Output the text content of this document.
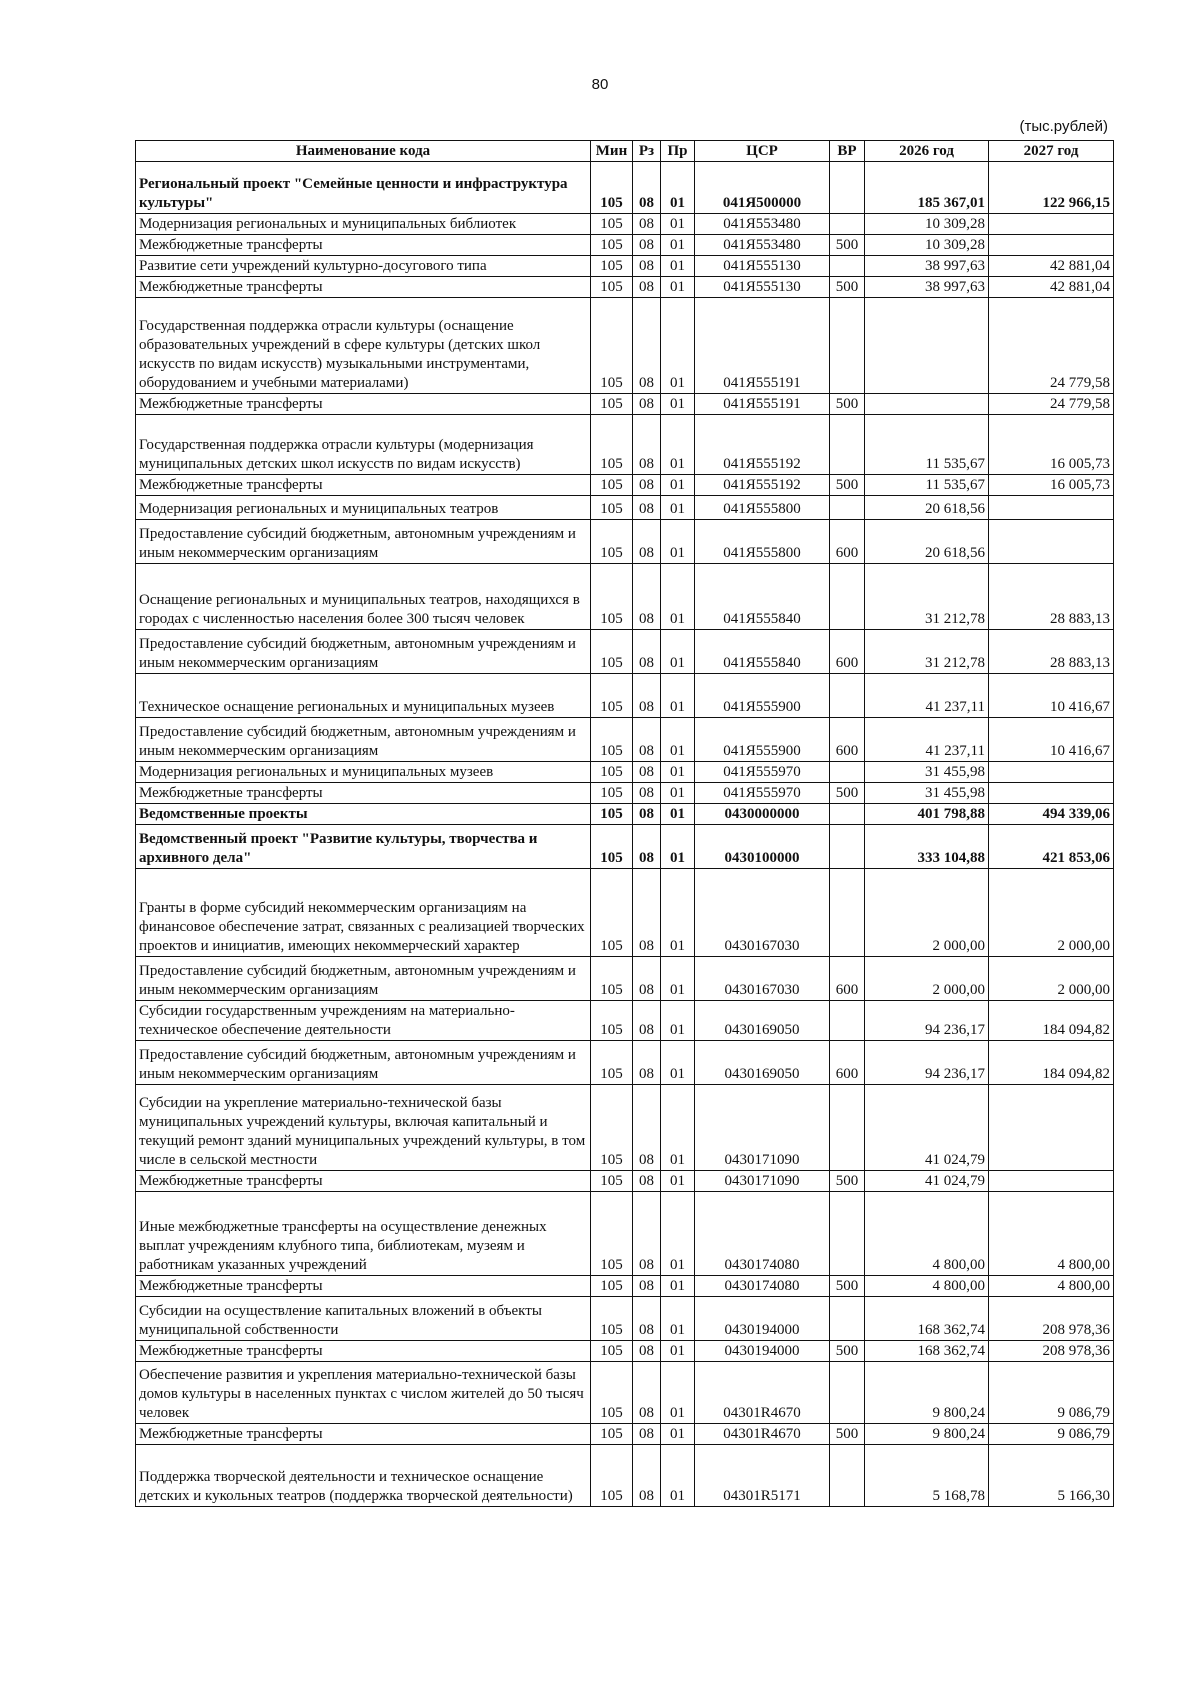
80
(тыс.рублей)
Наименование кода	Мин	Рз	Пр	ЦСР	ВР	2026 год	2027 год
Региональный проект "Семейные ценности и инфраструктура культуры"	105	08	01	041Я500000		185 367,01	122 966,15
Модернизация региональных и муниципальных библиотек	105	08	01	041Я553480		10 309,28	
Межбюджетные трансферты	105	08	01	041Я553480	500	10 309,28	
Развитие сети учреждений культурно-досугового типа	105	08	01	041Я555130		38 997,63	42 881,04
Межбюджетные трансферты	105	08	01	041Я555130	500	38 997,63	42 881,04
Государственная поддержка отрасли культуры (оснащение образовательных учреждений в сфере культуры (детских школ искусств по видам искусств) музыкальными инструментами, оборудованием и учебными материалами)	105	08	01	041Я555191			24 779,58
Межбюджетные трансферты	105	08	01	041Я555191	500		24 779,58
Государственная поддержка отрасли культуры (модернизация муниципальных детских школ искусств по видам искусств)	105	08	01	041Я555192		11 535,67	16 005,73
Межбюджетные трансферты	105	08	01	041Я555192	500	11 535,67	16 005,73
Модернизация региональных и муниципальных театров	105	08	01	041Я555800		20 618,56	
Предоставление субсидий бюджетным, автономным учреждениям и иным некоммерческим организациям	105	08	01	041Я555800	600	20 618,56	
Оснащение региональных и муниципальных театров, находящихся в городах с численностью населения более 300 тысяч человек	105	08	01	041Я555840		31 212,78	28 883,13
Предоставление субсидий бюджетным, автономным учреждениям и иным некоммерческим организациям	105	08	01	041Я555840	600	31 212,78	28 883,13
Техническое оснащение региональных и муниципальных музеев	105	08	01	041Я555900		41 237,11	10 416,67
Предоставление субсидий бюджетным, автономным учреждениям и иным некоммерческим организациям	105	08	01	041Я555900	600	41 237,11	10 416,67
Модернизация региональных и муниципальных музеев	105	08	01	041Я555970		31 455,98	
Межбюджетные трансферты	105	08	01	041Я555970	500	31 455,98	
Ведомственные проекты	105	08	01	0430000000		401 798,88	494 339,06
Ведомственный проект "Развитие культуры, творчества и архивного дела"	105	08	01	0430100000		333 104,88	421 853,06
Гранты в форме субсидий некоммерческим организациям на финансовое обеспечение затрат, связанных с реализацией творческих проектов и инициатив, имеющих некоммерческий характер	105	08	01	0430167030		2 000,00	2 000,00
Предоставление субсидий бюджетным, автономным учреждениям и иным некоммерческим организациям	105	08	01	0430167030	600	2 000,00	2 000,00
Субсидии государственным учреждениям на материально-техническое обеспечение деятельности	105	08	01	0430169050		94 236,17	184 094,82
Предоставление субсидий бюджетным, автономным учреждениям и иным некоммерческим организациям	105	08	01	0430169050	600	94 236,17	184 094,82
Субсидии на укрепление материально-технической базы муниципальных учреждений культуры, включая капитальный и текущий ремонт зданий муниципальных учреждений культуры, в том числе в сельской местности	105	08	01	0430171090		41 024,79	
Межбюджетные трансферты	105	08	01	0430171090	500	41 024,79	
Иные межбюджетные трансферты на осуществление денежных выплат учреждениям клубного типа, библиотекам, музеям и работникам указанных учреждений	105	08	01	0430174080		4 800,00	4 800,00
Межбюджетные трансферты	105	08	01	0430174080	500	4 800,00	4 800,00
Субсидии на осуществление капитальных вложений в объекты муниципальной собственности	105	08	01	0430194000		168 362,74	208 978,36
Межбюджетные трансферты	105	08	01	0430194000	500	168 362,74	208 978,36
Обеспечение развития и укрепления материально-технической базы домов культуры в населенных пунктах с числом жителей до 50 тысяч человек	105	08	01	04301R4670		9 800,24	9 086,79
Межбюджетные трансферты	105	08	01	04301R4670	500	9 800,24	9 086,79
Поддержка творческой деятельности и техническое оснащение детских и кукольных театров (поддержка творческой деятельности)	105	08	01	04301R5171		5 168,78	5 166,30
